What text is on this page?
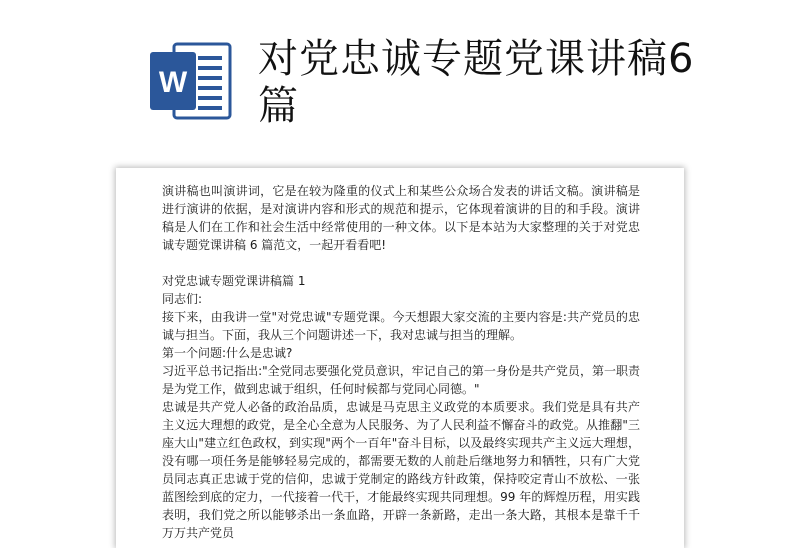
W
对党忠诚专题党课讲稿6篇

演讲稿也叫演讲词，它是在较为隆重的仪式上和某些公众场合发表的讲话文稿。演讲稿是进行演讲的依据，是对演讲内容和形式的规范和提示，它体现着演讲的目的和手段。演讲稿是人们在工作和社会生活中经常使用的一种文体。以下是本站为大家整理的关于对党忠诚专题党课讲稿 6 篇范文，一起开看看吧!

对党忠诚专题党课讲稿篇 1

同志们:

接下来，由我讲一堂"对党忠诚"专题党课。今天想跟大家交流的主要内容是:共产党员的忠诚与担当。下面，我从三个问题讲述一下，我对忠诚与担当的理解。

第一个问题:什么是忠诚?

习近平总书记指出:"全党同志要强化党员意识，牢记自己的第一身份是共产党员，第一职责是为党工作，做到忠诚于组织，任何时候都与党同心同德。"

忠诚是共产党人必备的政治品质，忠诚是马克思主义政党的本质要求。我们党是具有共产主义远大理想的政党，是全心全意为人民服务、为了人民利益不懈奋斗的政党。从推翻"三座大山"建立红色政权，到实现"两个一百年"奋斗目标，以及最终实现共产主义远大理想，没有哪一项任务是能够轻易完成的，都需要无数的人前赴后继地努力和牺牲，只有广大党员同志真正忠诚于党的信仰，忠诚于党制定的路线方针政策，保持咬定青山不放松、一张蓝图绘到底的定力，一代接着一代干，才能最终实现共同理想。99 年的辉煌历程，用实践表明，我们党之所以能够杀出一条血路，开辟一条新路，走出一条大路，其根本是靠千千万万共产党员
